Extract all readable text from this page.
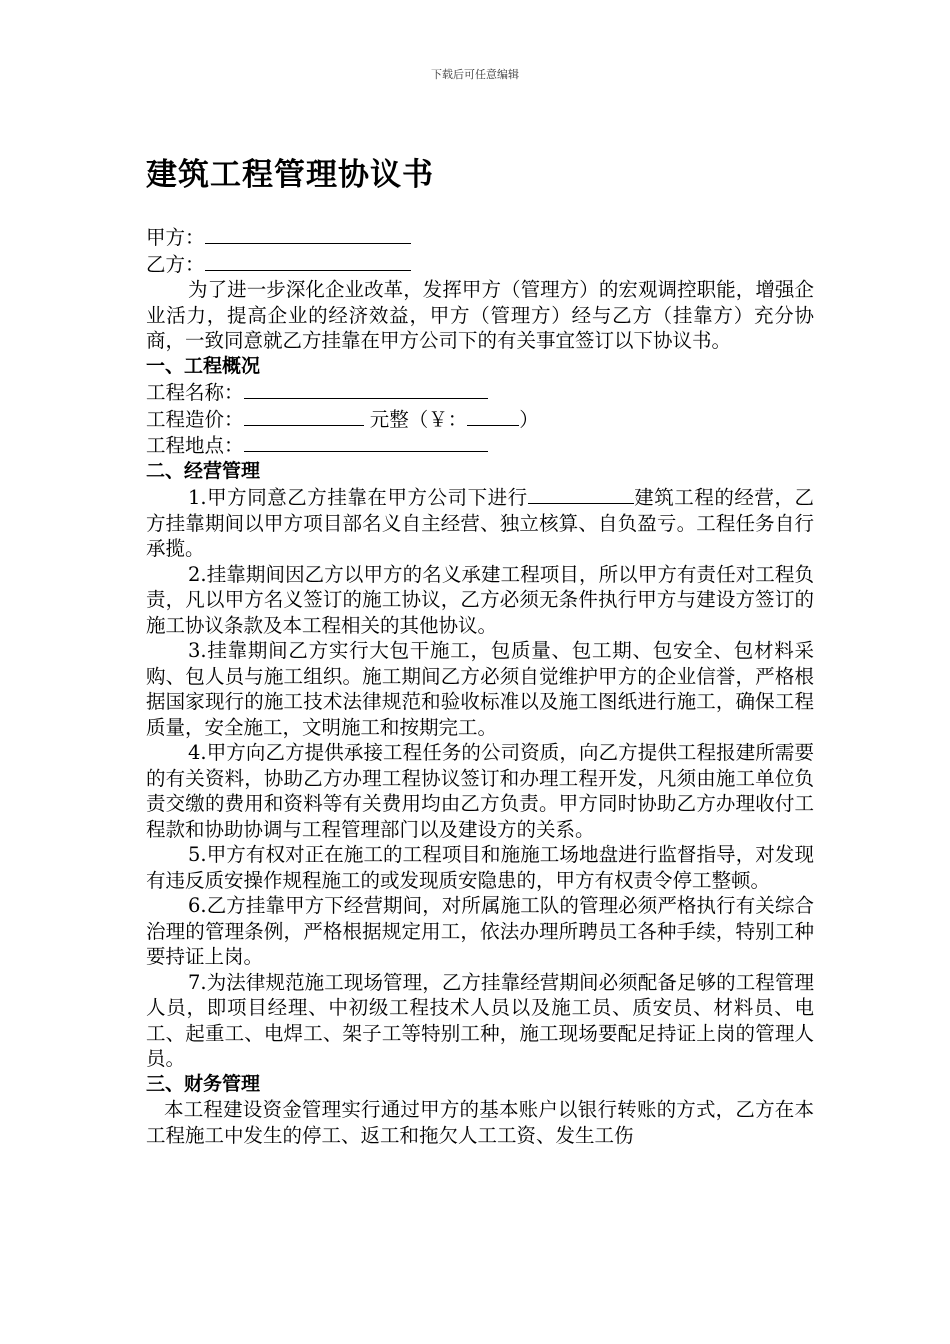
下载后可任意编辑
建筑工程管理协议书

甲方：

乙方：

为了进一步深化企业改革，发挥甲方（管理方）的宏观调控职能，增强企业活力，提高企业的经济效益，甲方（管理方）经与乙方（挂靠方）充分协商，一致同意就乙方挂靠在甲方公司下的有关事宜签订以下协议书。

一、工程概况

工程名称：

工程造价：	元整（￥：	）

工程地点：

二、经营管理

1.甲方同意乙方挂靠在甲方公司下进行	建筑工程的经营，乙方挂靠期间以甲方项目部名义自主经营、独立核算、自负盈亏。工程任务自行承揽。

2.挂靠期间因乙方以甲方的名义承建工程项目，所以甲方有责任对工程负责，凡以甲方名义签订的施工协议，乙方必须无条件执行甲方与建设方签订的施工协议条款及本工程相关的其他协议。

3.挂靠期间乙方实行大包干施工，包质量、包工期、包安全、包材料采购、包人员与施工组织。施工期间乙方必须自觉维护甲方的企业信誉，严格根据国家现行的施工技术法律规范和验收标准以及施工图纸进行施工，确保工程质量，安全施工，文明施工和按期完工。

4.甲方向乙方提供承接工程任务的公司资质，向乙方提供工程报建所需要的有关资料，协助乙方办理工程协议签订和办理工程开发，凡须由施工单位负责交缴的费用和资料等有关费用均由乙方负责。甲方同时协助乙方办理收付工程款和协助协调与工程管理部门以及建设方的关系。

5.甲方有权对正在施工的工程项目和施施工场地盘进行监督指导，对发现有违反质安操作规程施工的或发现质安隐患的，甲方有权责令停工整顿。

6.乙方挂靠甲方下经营期间，对所属施工队的管理必须严格执行有关综合治理的管理条例，严格根据规定用工，依法办理所聘员工各种手续，特别工种要持证上岗。

7.为法律规范施工现场管理，乙方挂靠经营期间必须配备足够的工程管理人员，即项目经理、中初级工程技术人员以及施工员、质安员、材料员、电工、起重工、电焊工、架子工等特别工种，施工现场要配足持证上岗的管理人员。

三、财务管理

本工程建设资金管理实行通过甲方的基本账户以银行转账的方式，乙方在本工程施工中发生的停工、返工和拖欠人工工资、发生工伤
